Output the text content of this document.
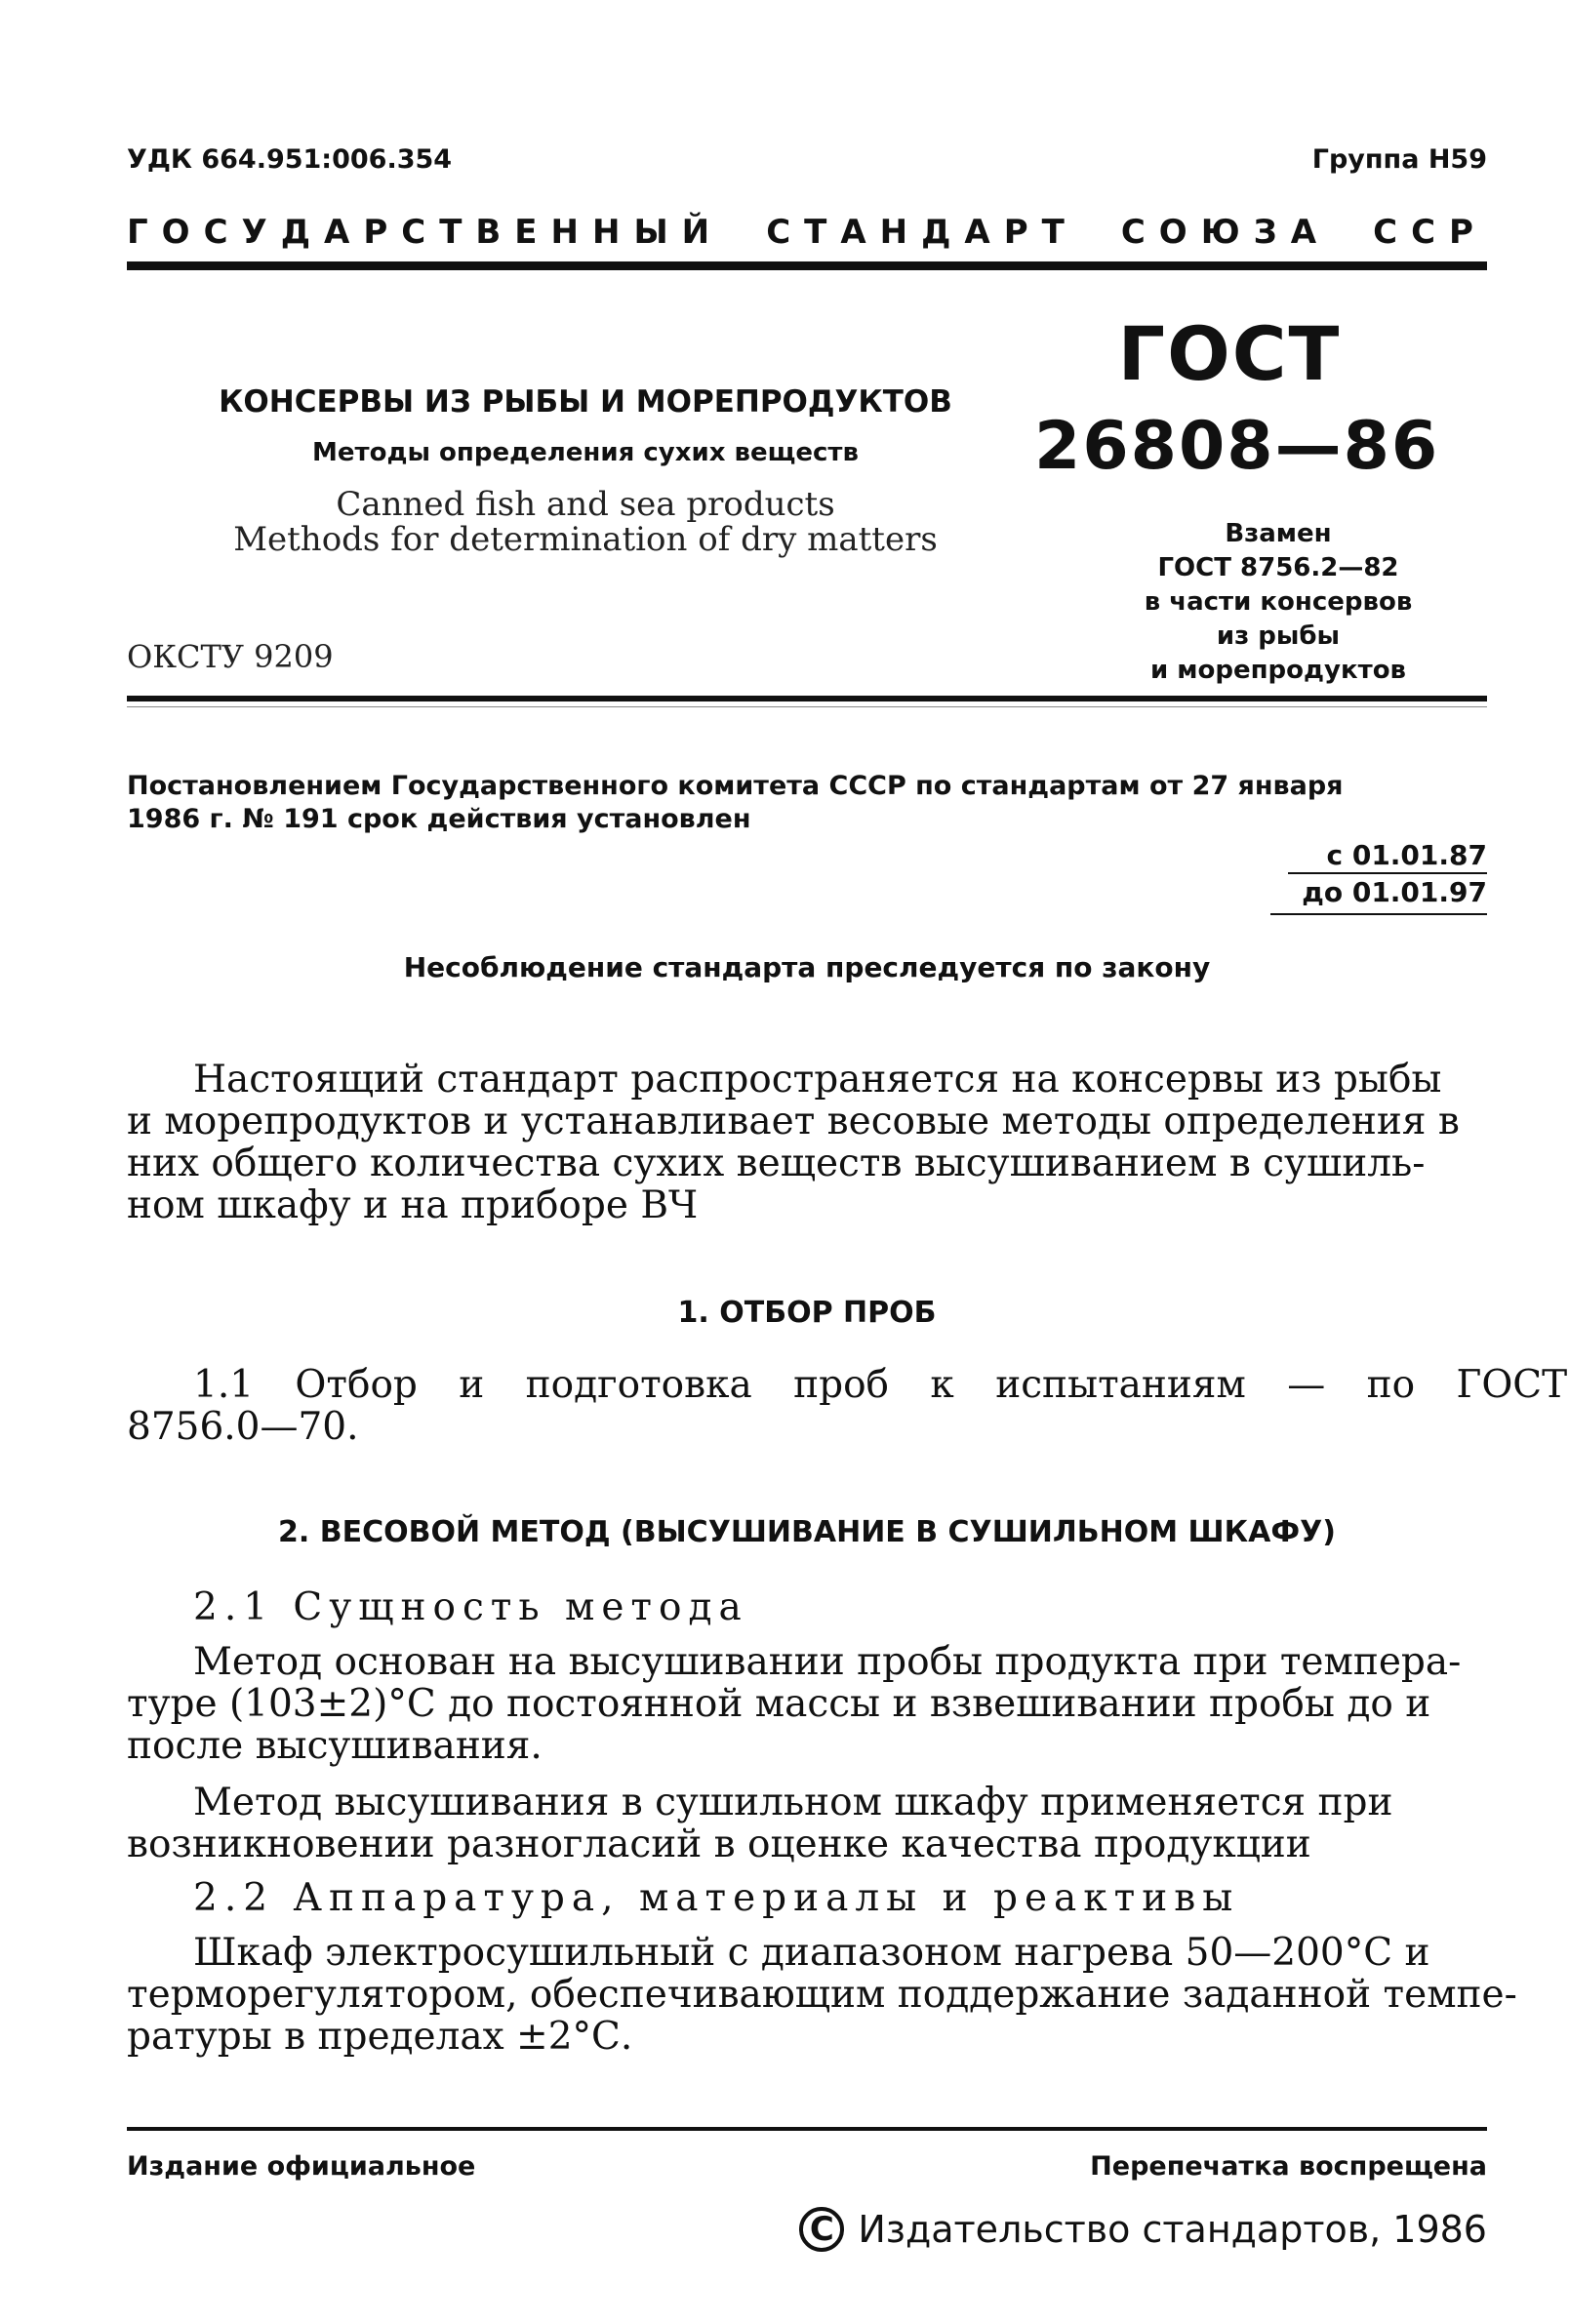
УДК 664.951:006.354	Группа Н59
ГОСУДАРСТВЕННЫЙ СТАНДАРТ СОЮЗА ССР
КОНСЕРВЫ ИЗ РЫБЫ И МОРЕПРОДУКТОВ
Методы определения сухих веществ
Canned fish and sea products
Methods for determination of dry matters
ОКСТУ 9209
ГОСТ
26808—86
Взамен
ГОСТ 8756.2—82
в части консервов
из рыбы
и морепродуктов
Постановлением Государственного комитета СССР по стандартам от 27 января
1986 г. № 191 срок действия установлен
с 01.01.87
до 01.01.97
Несоблюдение стандарта преследуется по закону
Настоящий стандарт распространяется на консервы из рыбы
и морепродуктов и устанавливает весовые методы определения в
них общего количества сухих веществ высушиванием в сушиль-
ном шкафу и на приборе ВЧ
1. ОТБОР ПРОБ
1.1 Отбор и подготовка проб к испытаниям — по ГОСТ
8756.0—70.
2. ВЕСОВОЙ МЕТОД (ВЫСУШИВАНИЕ В СУШИЛЬНОМ ШКАФУ)
2.1 Сущность метода
Метод основан на высушивании пробы продукта при темпера-
туре (103±2)°С до постоянной массы и взвешивании пробы до и
после высушивания.
Метод высушивания в сушильном шкафу применяется при
возникновении разногласий в оценке качества продукции
2.2 Аппаратура, материалы и реактивы
Шкаф электросушильный с диапазоном нагрева 50—200°С и
терморегулятором, обеспечивающим поддержание заданной темпе-
ратуры в пределах ±2°С.
Издание официальное	Перепечатка воспрещена
C Издательство стандартов, 1986
